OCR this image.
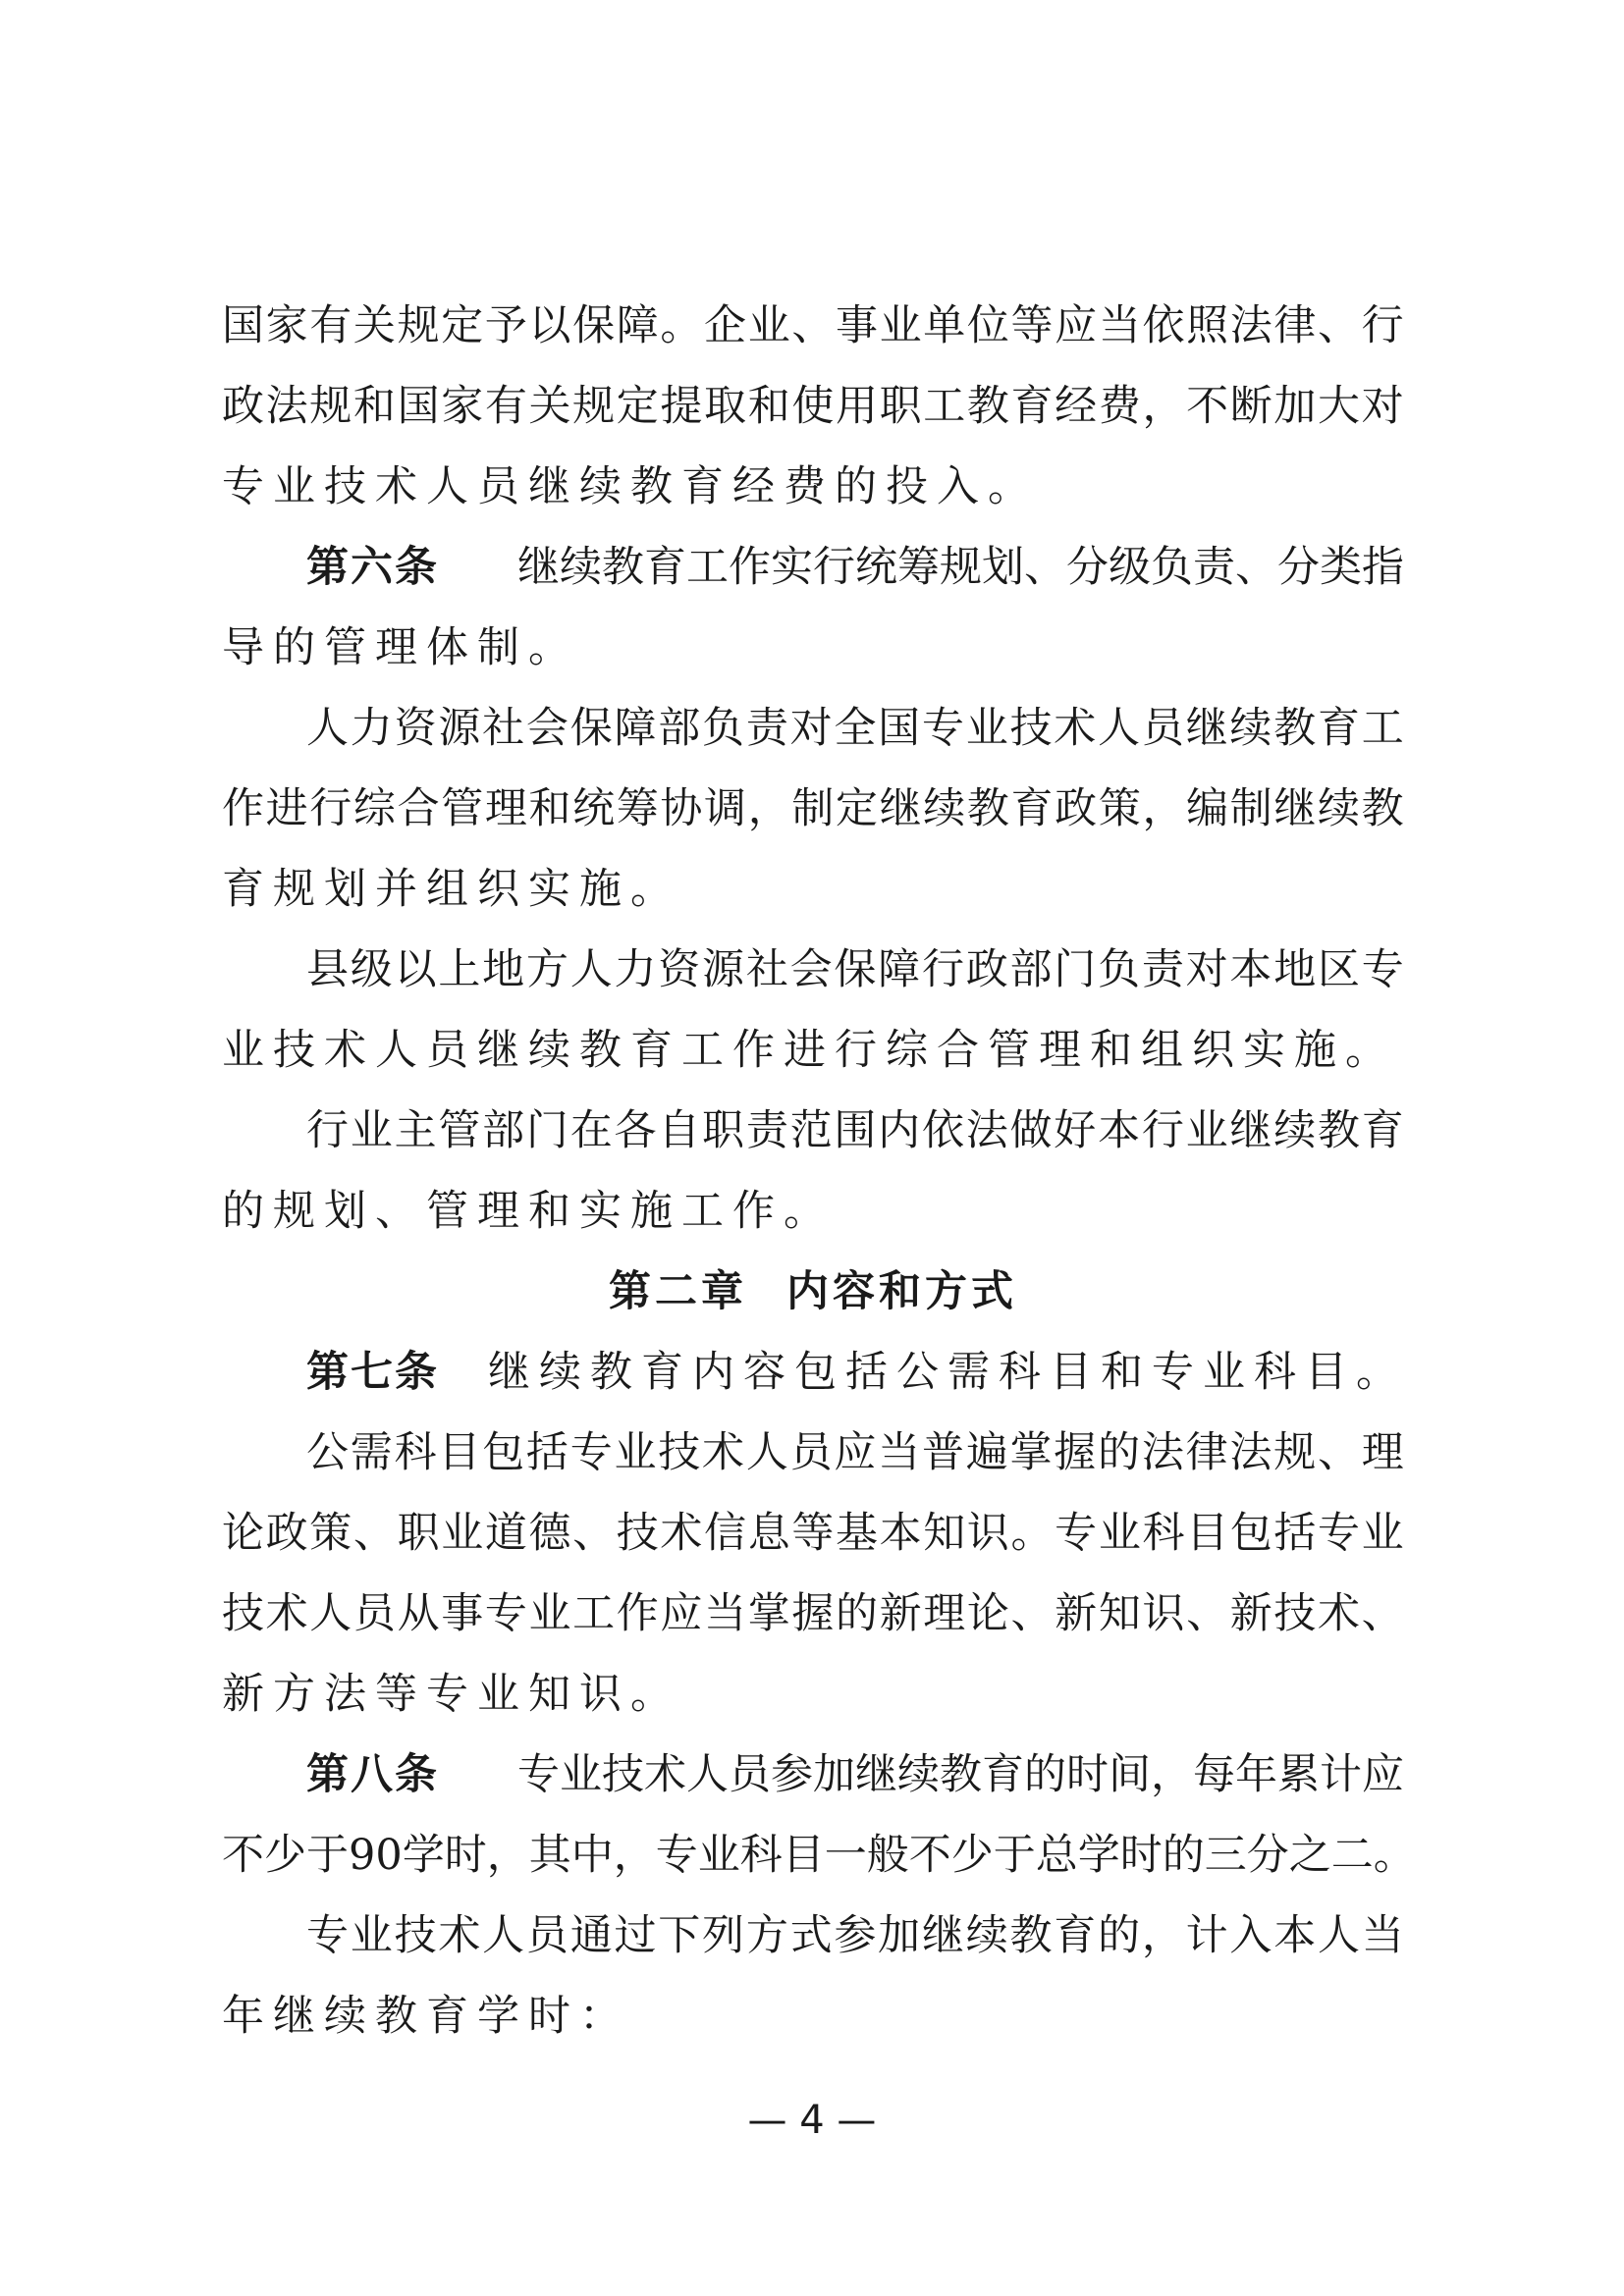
国 家 有 关 规 定 予 以 保 障 。 企 业 、 事 业 单 位 等 应 当 依 照 法 律 、 行
政 法 规 和 国 家 有 关 规 定 提 取 和 使 用 职 工 教 育 经 费 ， 不 断 加 大 对
专业技术人员继续教育经费的投入。
第六条 继续教育工作实行统筹规划、分级负责、分类指
导的管理体制。
人 力 资 源 社 会 保 障 部 负 责 对 全 国 专 业 技 术 人 员 继 续 教 育 工
作 进 行 综 合 管 理 和 统 筹 协 调 ， 制 定 继 续 教 育 政 策 ， 编 制 继 续 教
育规划并组织实施。
县 级 以 上 地 方 人 力 资 源 社 会 保 障 行 政 部 门 负 责 对 本 地 区 专
业技术人员继续教育工作进行综合管理和组织实施。
行 业 主 管 部 门 在 各 自 职 责 范 围 内 依 法 做 好 本 行 业 继 续 教 育
的规划、管理和实施工作。
第二章 内容和方式
第七条 继续教育内容包括公需科目和专业科目。
公 需 科 目 包 括 专 业 技 术 人 员 应 当 普 遍 掌 握 的 法 律 法 规 、 理
论 政 策 、 职 业 道 德 、 技 术 信 息 等 基 本 知 识 。 专 业 科 目 包 括 专 业
技 术 人 员 从 事 专 业 工 作 应 当 掌 握 的 新 理 论 、 新 知 识 、 新 技 术 、
新方法等专业知识。
第八条 专业技术人员参加继续教育的时间，每年累计应
不 少 于 9 0 学 时 ， 其 中 ， 专 业 科 目 一 般 不 少 于 总 学 时 的 三 分 之 二 。
专 业 技 术 人 员 通 过 下 列 方 式 参 加 继 续 教 育 的 ， 计 入 本 人 当
年继续教育学时：
— 4 —
